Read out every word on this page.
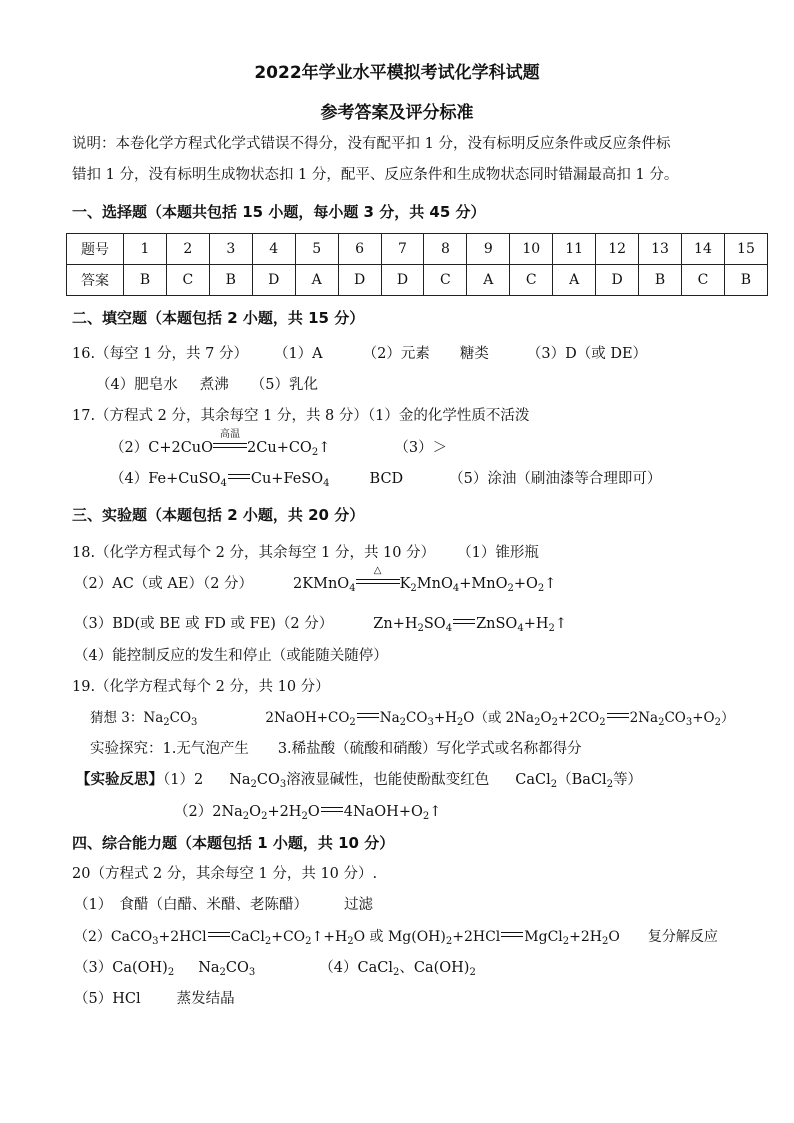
2022年学业水平模拟考试化学科试题
参考答案及评分标准
说明：本卷化学方程式化学式错误不得分，没有配平扣 1 分，没有标明反应条件或反应条件标
错扣 1 分，没有标明生成物状态扣 1 分，配平、反应条件和生成物状态同时错漏最高扣 1 分。
一、选择题（本题共包括 15 小题，每小题 3 分，共 45 分）
题号	1	2	3	4	5	6	7	8	9	10	11	12	13	14	15
答案	B	C	B	D	A	D	D	C	A	C	A	D	B	C	B
二、填空题（本题包括 2 小题，共 15 分）
16.（每空 1 分，共 7 分） （1）A	（2）元素 糖类	（3）D（或 DE）
（4）肥皂水 煮沸 （5）乳化
17.（方程式 2 分，其余每空 1 分，共 8 分）（1）金的化学性质不活泼
（2）C+2CuO
高温
$2Cu+CO_2↑$	（3）＞
（4）Fe+CuSO$_4$ Cu+FeSO$_4$	BCD	（5）涂油（刷油漆等合理即可）
三、实验题（本题包括 2 小题，共 20 分）
18.（化学方程式每个 2 分，其余每空 1 分，共 10 分） （1）锥形瓶
（2）AC（或 AE）（2 分）	2KMnO$_4$
△
$K_2MnO_4+MnO_2+O_2↑$
（3）BD(或 BE 或 FD 或 FE)（2 分）	$Zn+H_2SO_4$ $ZnSO_4+H_2↑$
（4）能控制反应的发生和停止（或能随关随停）
19.（化学方程式每个 2 分，共 10 分）
猜想 3：$Na_2CO_3$	$2NaOH+CO_2$ $Na_2CO_3+H_2O$（或 $2Na_2O_2+2CO_2$ $2Na_2CO_3+O_2$）
实验探究：1.无气泡产生　　3.稀盐酸（硫酸和硝酸）写化学式或名称都得分
【实验反思】（1）2 $Na_2CO_3$溶液显碱性，也能使酚酞变红色 CaCl$_2$（BaCl$_2$等）
$(2)2Na_2O_2+2H_2O$ $4NaOH+O_2↑$
四、综合能力题（本题包括 1 小题，共 10 分）
20（方程式 2 分，其余每空 1 分，共 10 分）.
（1）　食醋（白醋、米醋、老陈醋） 过滤
（2）CaCO$_3$+2HCl $CaCl_2+CO_2↑+H_2O$ 或 $Mg(OH)_2+2HCl$ $MgCl_2+2H_2O$ 复分解反应
$(3)Ca(OH)_2$ $Na_2CO_3$	（4）CaCl$_2$、$Ca(OH)_2$
（5）HCl 蒸发结晶
